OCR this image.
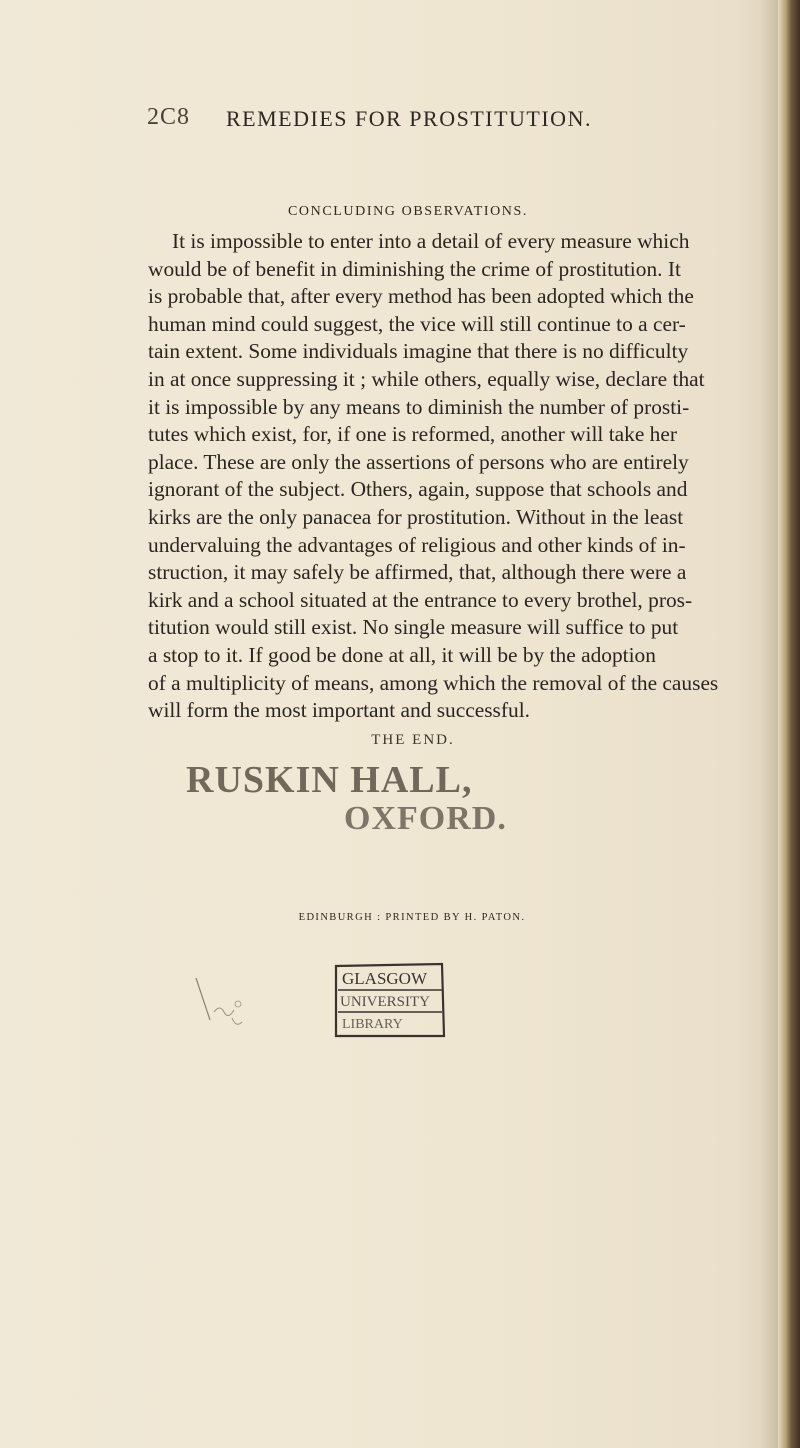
2C8 REMEDIES FOR PROSTITUTION.
CONCLUDING OBSERVATIONS.
It is impossible to enter into a detail of every measure which
would be of benefit in diminishing the crime of prostitution. It
is probable that, after every method has been adopted which the
human mind could suggest, the vice will still continue to a cer-
tain extent. Some individuals imagine that there is no difficulty
in at once suppressing it ; while others, equally wise, declare that
it is impossible by any means to diminish the number of prosti-
tutes which exist, for, if one is reformed, another will take her
place. These are only the assertions of persons who are entirely
ignorant of the subject. Others, again, suppose that schools and
kirks are the only panacea for prostitution. Without in the least
undervaluing the advantages of religious and other kinds of in-
struction, it may safely be affirmed, that, although there were a
kirk and a school situated at the entrance to every brothel, pros-
titution would still exist. No single measure will suffice to put
a stop to it. If good be done at all, it will be by the adoption
of a multiplicity of means, among which the removal of the causes
will form the most important and successful.
THE END.
RUSKIN HALL,
OXFORD.
EDINBURGH : PRINTED BY H. PATON.
GLASGOW
UNIVERSITY
LIBRARY
